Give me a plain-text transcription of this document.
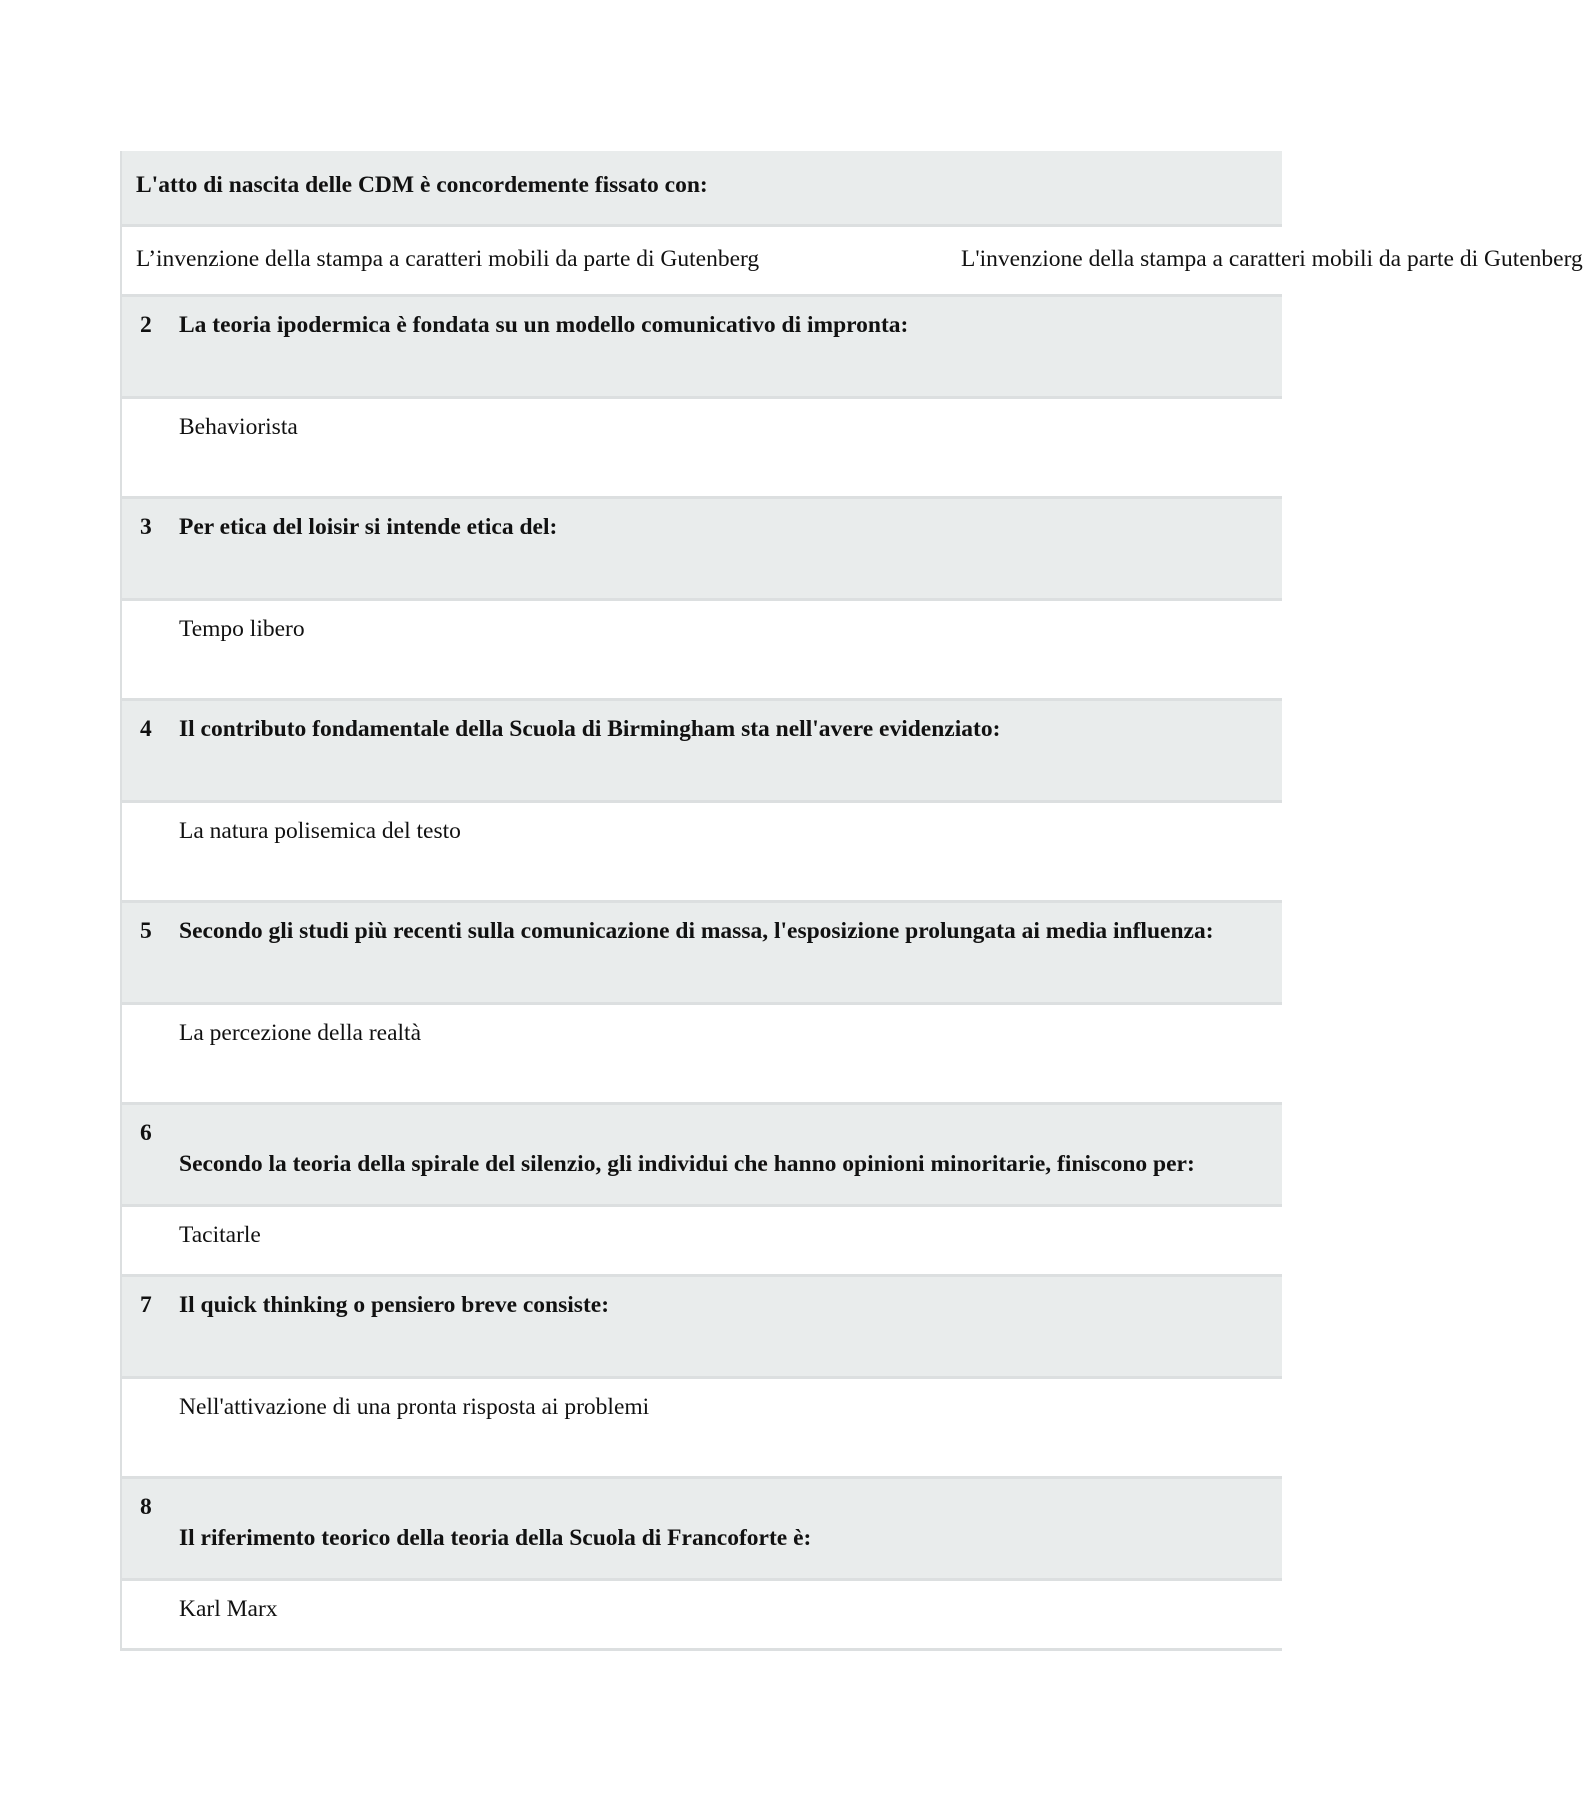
L'atto di nascita delle CDM è concordemente fissato con:
L’invenzione della stampa a caratteri mobili da parte di Gutenberg	L'invenzione della stampa a caratteri mobili da parte di Gutenberg
2 La teoria ipodermica è fondata su un modello comunicativo di impronta:
Behaviorista
3 Per etica del loisir si intende etica del:
Tempo libero
4 Il contributo fondamentale della Scuola di Birmingham sta nell'avere evidenziato:
La natura polisemica del testo
5 Secondo gli studi più recenti sulla comunicazione di massa, l'esposizione prolungata ai media influenza:
La percezione della realtà
6
Secondo la teoria della spirale del silenzio, gli individui che hanno opinioni minoritarie, finiscono per:
Tacitarle
7 Il quick thinking o pensiero breve consiste:
Nell'attivazione di una pronta risposta ai problemi
8
Il riferimento teorico della teoria della Scuola di Francoforte è:
Karl Marx
